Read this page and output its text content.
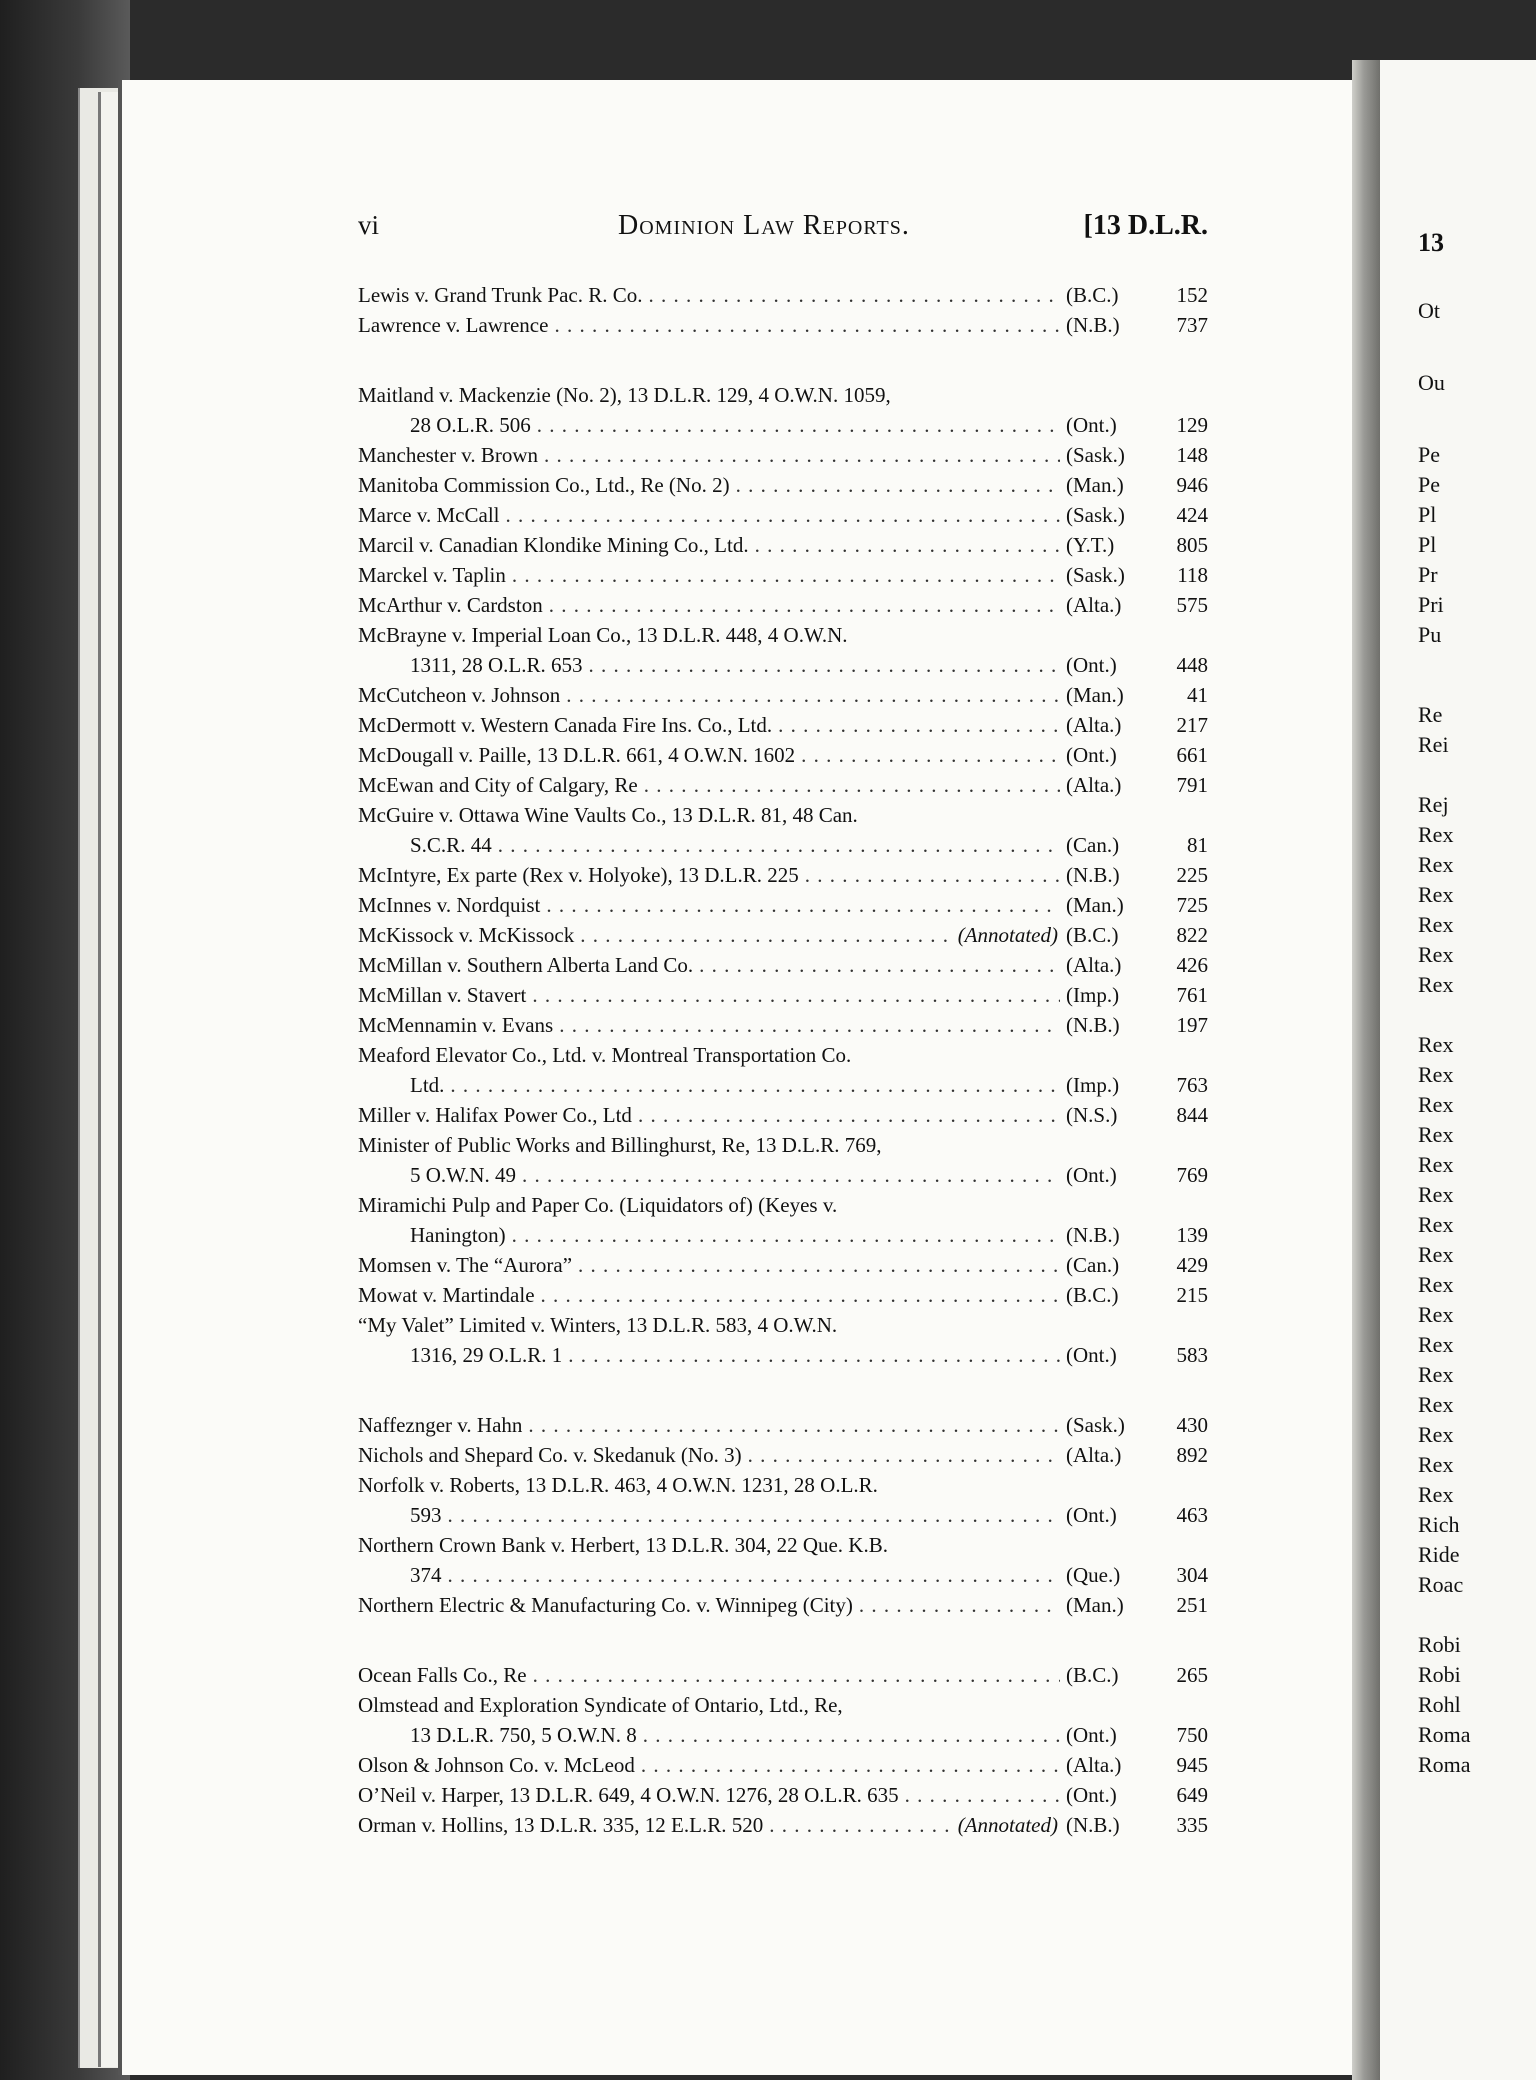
vi	Dominion Law Reports.	[13 D.L.R.
Lewis v. Grand Trunk Pac. R. Co. . . .	(B.C.)	152
Lawrence v. Lawrence . . .	(N.B.)	737
Maitland v. Mackenzie (No. 2), 13 D.L.R. 129, 4 O.W.N. 1059,
28 O.L.R. 506 . . .	(Ont.)	129
Manchester v. Brown . . .	(Sask.)	148
Manitoba Commission Co., Ltd., Re (No. 2) . . .	(Man.)	946
Marce v. McCall . . .	(Sask.)	424
Marcil v. Canadian Klondike Mining Co., Ltd. . . .	(Y.T.)	805
Marckel v. Taplin . . .	(Sask.)	118
McArthur v. Cardston . . .	(Alta.)	575
McBrayne v. Imperial Loan Co., 13 D.L.R. 448, 4 O.W.N.
1311, 28 O.L.R. 653 . . .	(Ont.)	448
McCutcheon v. Johnson . . .	(Man.)	41
McDermott v. Western Canada Fire Ins. Co., Ltd. . . .	(Alta.)	217
McDougall v. Paille, 13 D.L.R. 661, 4 O.W.N. 1602 . . .	(Ont.)	661
McEwan and City of Calgary, Re . . .	(Alta.)	791
McGuire v. Ottawa Wine Vaults Co., 13 D.L.R. 81, 48 Can.
S.C.R. 44 . . .	(Can.)	81
McIntyre, Ex parte (Rex v. Holyoke), 13 D.L.R. 225 . . .	(N.B.)	225
McInnes v. Nordquist . . .	(Man.)	725
McKissock v. McKissock . . .	(Annotated) (B.C.)	822
McMillan v. Southern Alberta Land Co. . . .	(Alta.)	426
McMillan v. Stavert . . .	(Imp.)	761
McMennamin v. Evans . . .	(N.B.)	197
Meaford Elevator Co., Ltd. v. Montreal Transportation Co.
Ltd. . . .	(Imp.)	763
Miller v. Halifax Power Co., Ltd . . .	(N.S.)	844
Minister of Public Works and Billinghurst, Re, 13 D.L.R. 769,
5 O.W.N. 49 . . .	(Ont.)	769
Miramichi Pulp and Paper Co. (Liquidators of) (Keyes v.
Hanington) . . .	(N.B.)	139
Momsen v. The “Aurora” . . .	(Can.)	429
Mowat v. Martindale . . .	(B.C.)	215
“My Valet” Limited v. Winters, 13 D.L.R. 583, 4 O.W.N.
1316, 29 O.L.R. 1 . . .	(Ont.)	583
Naffeznger v. Hahn . . .	(Sask.)	430
Nichols and Shepard Co. v. Skedanuk (No. 3) . . .	(Alta.)	892
Norfolk v. Roberts, 13 D.L.R. 463, 4 O.W.N. 1231, 28 O.L.R.
593 . . .	(Ont.)	463
Northern Crown Bank v. Herbert, 13 D.L.R. 304, 22 Que. K.B.
374 . . .	(Que.)	304
Northern Electric & Manufacturing Co. v. Winnipeg (City) . . .	(Man.)	251
Ocean Falls Co., Re . . .	(B.C.)	265
Olmstead and Exploration Syndicate of Ontario, Ltd., Re,
13 D.L.R. 750, 5 O.W.N. 8 . . .	(Ont.)	750
Olson & Johnson Co. v. McLeod . . .	(Alta.)	945
O’Neil v. Harper, 13 D.L.R. 649, 4 O.W.N. 1276, 28 O.L.R. 635 . . .	(Ont.)	649
Orman v. Hollins, 13 D.L.R. 335, 12 E.L.R. 520 . . .	(Annotated) (N.B.)	335
13
Ot
Ou
Pe
Pe
Pl
Pl
Pr
Pri
Pu
Re
Rei
Rej
Rex
Rex
Rex
Rex
Rex
Rex
Rex
Rex
Rex
Rex
Rex
Rex
Rex
Rex
Rex
Rex
Rex
Rex
Rex
Rex
Rex
Rex
Rich
Ride
Roac
Robi
Robi
Rohl
Roma
Roma
